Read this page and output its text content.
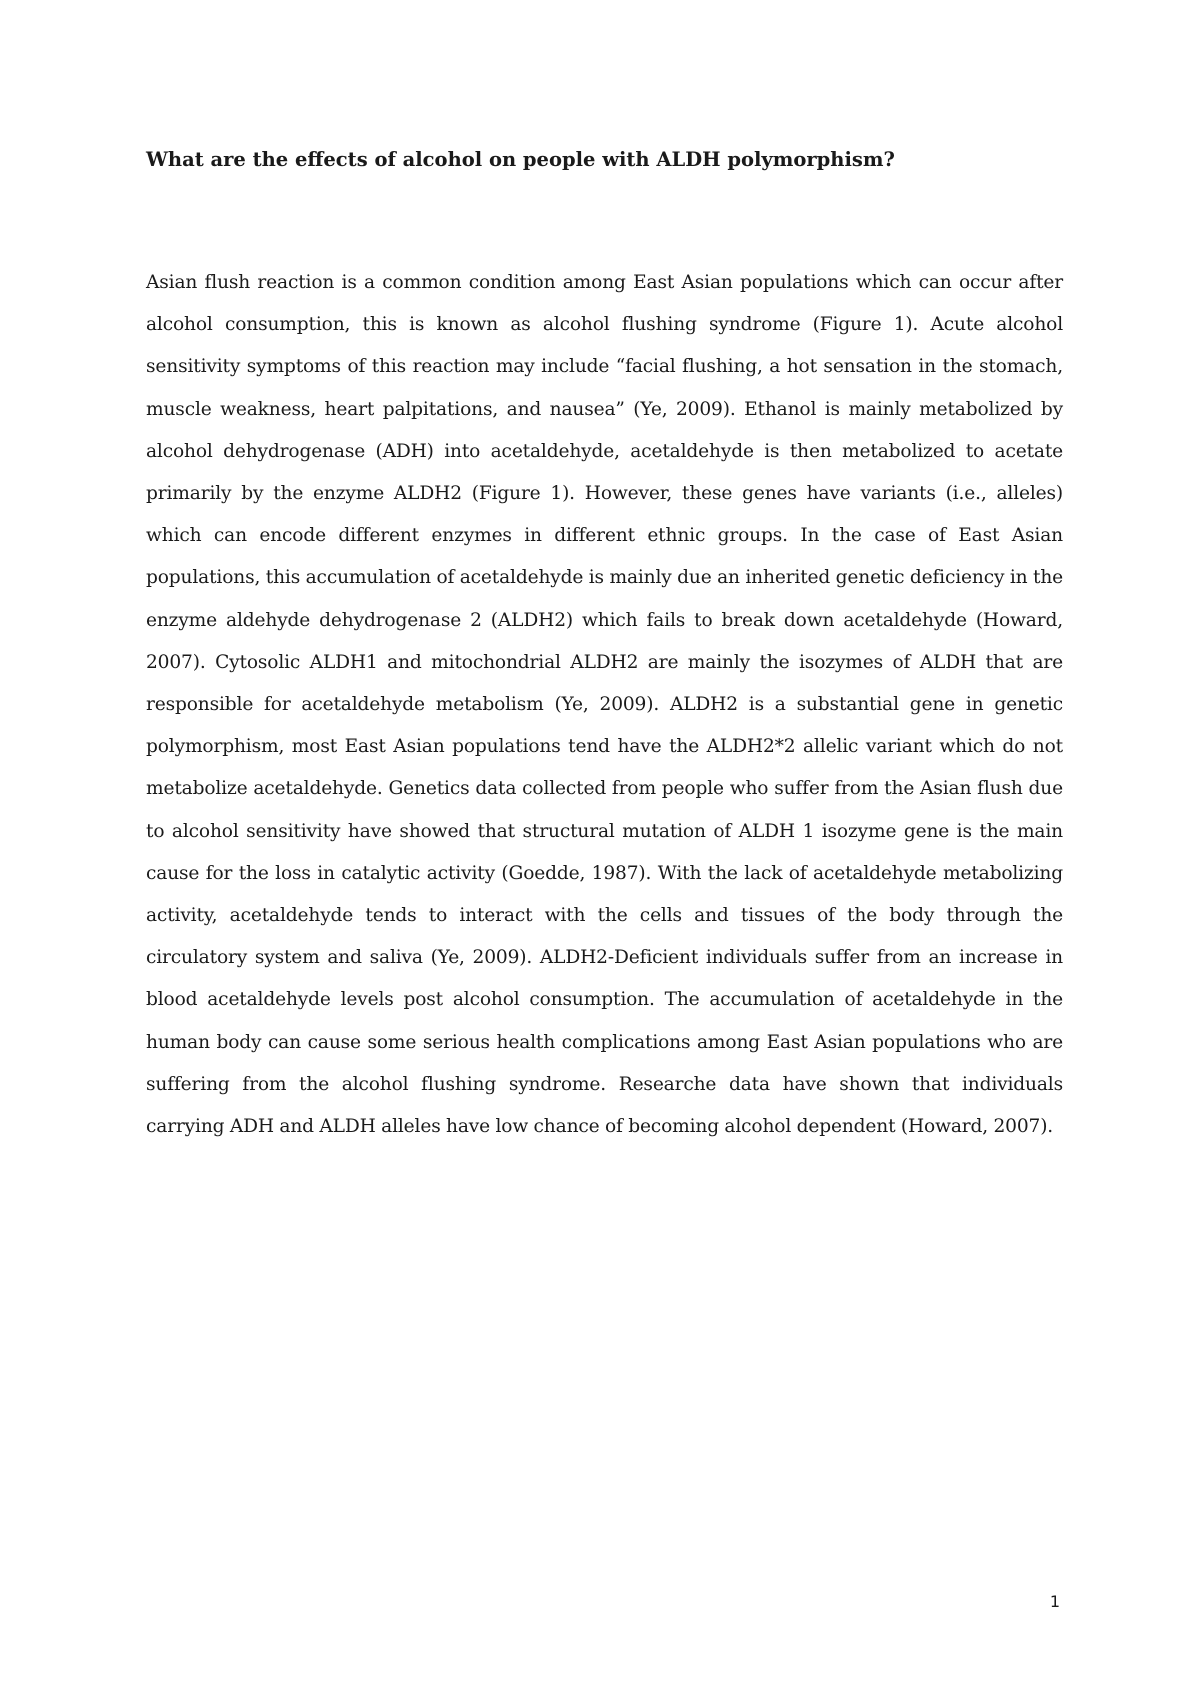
What are the effects of alcohol on people with ALDH polymorphism?
Asian flush reaction is a common condition among East Asian populations which can occur after alcohol consumption, this is known as alcohol flushing syndrome (Figure 1). Acute alcohol sensitivity symptoms of this reaction may include “facial flushing, a hot sensation in the stomach, muscle weakness, heart palpitations, and nausea” (Ye, 2009). Ethanol is mainly metabolized by alcohol dehydrogenase (ADH) into acetaldehyde, acetaldehyde is then metabolized to acetate primarily by the enzyme ALDH2 (Figure 1). However, these genes have variants (i.e., alleles) which can encode different enzymes in different ethnic groups. In the case of East Asian populations, this accumulation of acetaldehyde is mainly due an inherited genetic deficiency in the enzyme aldehyde dehydrogenase 2 (ALDH2) which fails to break down acetaldehyde (Howard, 2007). Cytosolic ALDH1 and mitochondrial ALDH2 are mainly the isozymes of ALDH that are responsible for acetaldehyde metabolism (Ye, 2009). ALDH2 is a substantial gene in genetic polymorphism, most East Asian populations tend have the ALDH2*2 allelic variant which do not metabolize acetaldehyde. Genetics data collected from people who suffer from the Asian flush due to alcohol sensitivity have showed that structural mutation of ALDH 1 isozyme gene is the main cause for the loss in catalytic activity (Goedde, 1987). With the lack of acetaldehyde metabolizing activity, acetaldehyde tends to interact with the cells and tissues of the body through the circulatory system and saliva (Ye, 2009). ALDH2-Deficient individuals suffer from an increase in blood acetaldehyde levels post alcohol consumption. The accumulation of acetaldehyde in the human body can cause some serious health complications among East Asian populations who are suffering from the alcohol flushing syndrome. Researche data have shown that individuals carrying ADH and ALDH alleles have low chance of becoming alcohol dependent (Howard, 2007).
1
